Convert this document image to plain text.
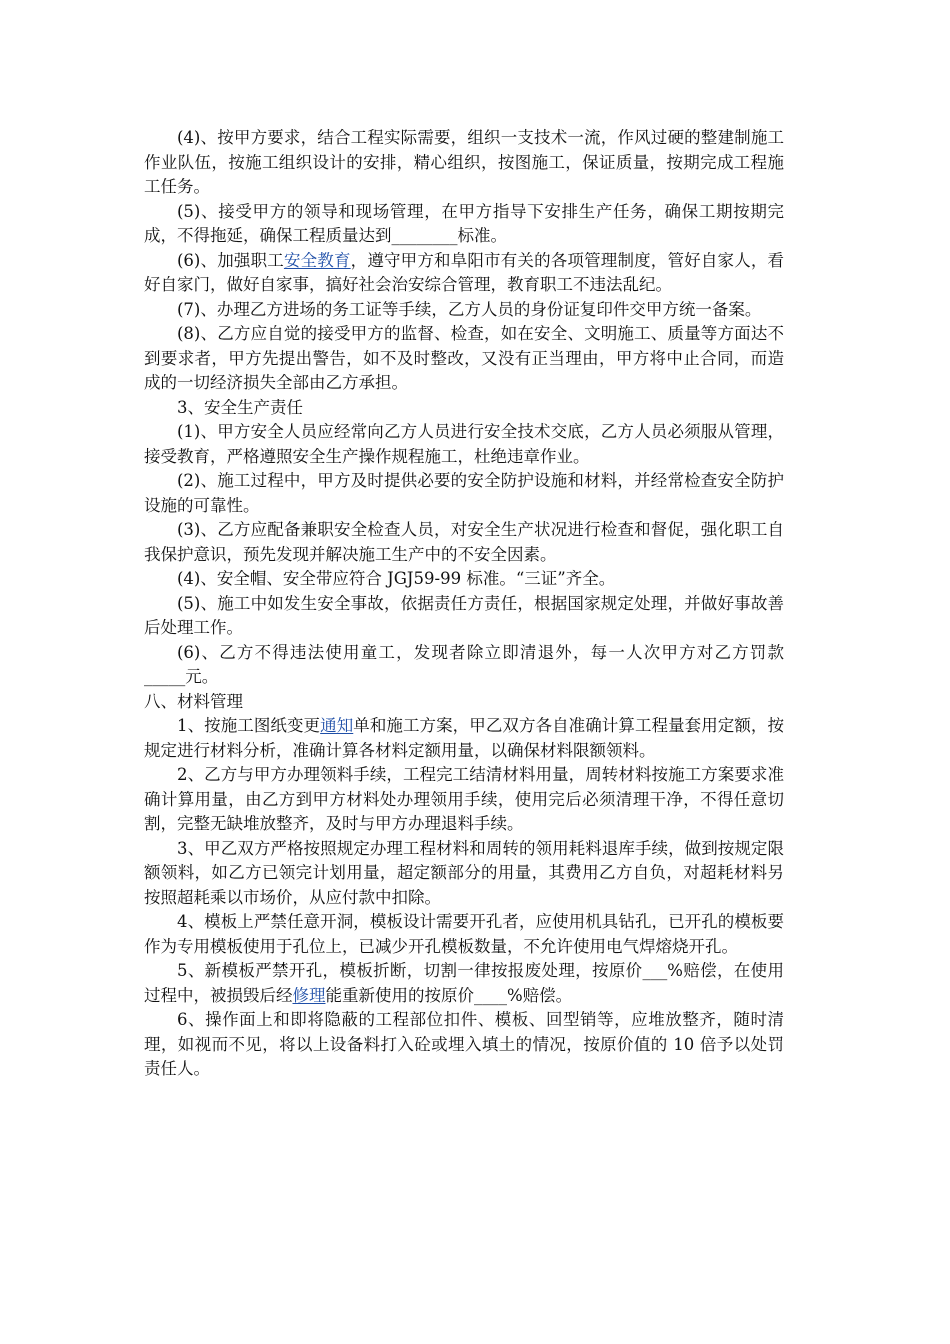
(4)、按甲方要求，结合工程实际需要，组织一支技术一流，作风过硬的整建制施工作业队伍，按施工组织设计的安排，精心组织，按图施工，保证质量，按期完成工程施工任务。

(5)、接受甲方的领导和现场管理，在甲方指导下安排生产任务，确保工期按期完成，不得拖延，确保工程质量达到________标准。

(6)、加强职工安全教育，遵守甲方和阜阳市有关的各项管理制度，管好自家人，看好自家门，做好自家事，搞好社会治安综合管理，教育职工不违法乱纪。

(7)、办理乙方进场的务工证等手续，乙方人员的身份证复印件交甲方统一备案。

(8)、乙方应自觉的接受甲方的监督、检查，如在安全、文明施工、质量等方面达不到要求者，甲方先提出警告，如不及时整改，又没有正当理由，甲方将中止合同，而造成的一切经济损失全部由乙方承担。

3、安全生产责任

(1)、甲方安全人员应经常向乙方人员进行安全技术交底，乙方人员必须服从管理，接受教育，严格遵照安全生产操作规程施工，杜绝违章作业。

(2)、施工过程中，甲方及时提供必要的安全防护设施和材料，并经常检查安全防护设施的可靠性。

(3)、乙方应配备兼职安全检查人员，对安全生产状况进行检查和督促，强化职工自我保护意识，预先发现并解决施工生产中的不安全因素。

(4)、安全帽、安全带应符合 JGJ59-99 标准。“三证”齐全。

(5)、施工中如发生安全事故，依据责任方责任，根据国家规定处理，并做好事故善后处理工作。

(6)、乙方不得违法使用童工，发现者除立即清退外，每一人次甲方对乙方罚款_____元。

八、材料管理

1、按施工图纸变更通知单和施工方案，甲乙双方各自准确计算工程量套用定额，按规定进行材料分析，准确计算各材料定额用量，以确保材料限额领料。

2、乙方与甲方办理领料手续，工程完工结清材料用量，周转材料按施工方案要求准确计算用量，由乙方到甲方材料处办理领用手续，使用完后必须清理干净，不得任意切割，完整无缺堆放整齐，及时与甲方办理退料手续。

3、甲乙双方严格按照规定办理工程材料和周转的领用耗料退库手续，做到按规定限额领料，如乙方已领完计划用量，超定额部分的用量，其费用乙方自负，对超耗材料另按照超耗乘以市场价，从应付款中扣除。

4、模板上严禁任意开洞，模板设计需要开孔者，应使用机具钻孔，已开孔的模板要作为专用模板使用于孔位上，已减少开孔模板数量，不允许使用电气焊熔烧开孔。

5、新模板严禁开孔，模板折断，切割一律按报废处理，按原价___%赔偿，在使用过程中，被损毁后经修理能重新使用的按原价____%赔偿。

6、操作面上和即将隐蔽的工程部位扣件、模板、回型销等，应堆放整齐，随时清理，如视而不见，将以上设备料打入砼或埋入填土的情况，按原价值的 10 倍予以处罚责任人。
